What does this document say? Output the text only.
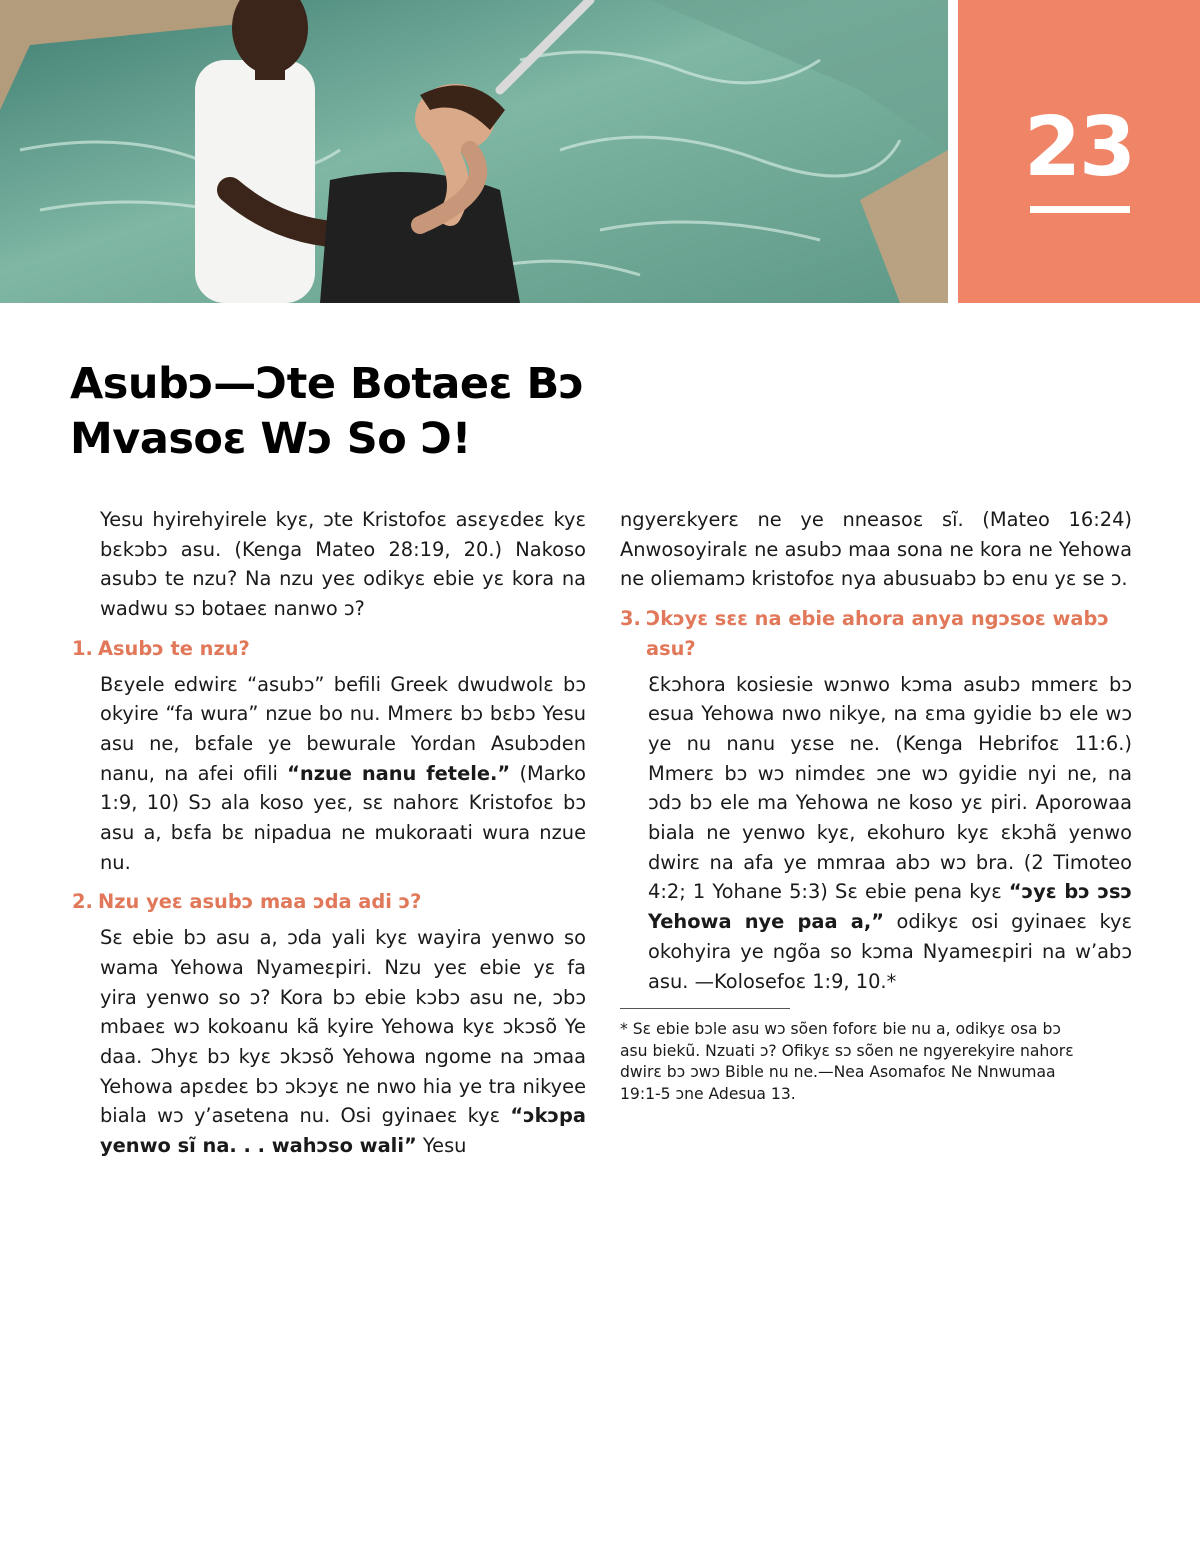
23
Asubɔ—Ɔte Botaeɛ Bɔ
Mvasoɛ Wɔ So Ɔ!

Yesu hyirehyirele kyɛ, ɔte Kristofoɛ asɛyɛdeɛ kyɛ bɛkɔbɔ asu. (Kenga Mateo 28:19, 20.) Nakoso asubɔ te nzu? Na nzu yeɛ odikyɛ ebie yɛ kora na wadwu sɔ botaeɛ nanwo ɔ?

1. Asubɔ te nzu?

Bɛyele edwirɛ “asubɔ” befili Greek dwudwolɛ bɔ okyire “fa wura” nzue bo nu. Mmerɛ bɔ bɛbɔ Yesu asu ne, bɛfale ye bewurale Yordan Asubɔden nanu, na afei ofili “nzue nanu fetele.” (Marko 1:9, 10) Sɔ ala koso yeɛ, sɛ nahorɛ Kristofoɛ bɔ asu a, bɛfa bɛ nipadua ne mukoraati wura nzue nu.

2. Nzu yeɛ asubɔ maa ɔda adi ɔ?

Sɛ ebie bɔ asu a, ɔda yali kyɛ wayira yenwo so wama Yehowa Nyameɛpiri. Nzu yeɛ ebie yɛ fa yira yenwo so ɔ? Kora bɔ ebie kɔbɔ asu ne, ɔbɔ mbaeɛ wɔ kokoanu kã kyire Yehowa kyɛ ɔkɔsõ Ye daa. Ɔhyɛ bɔ kyɛ ɔkɔsõ Yehowa ngome na ɔmaa Yehowa apɛdeɛ bɔ ɔkɔyɛ ne nwo hia ye tra nikyee biala wɔ y’asetena nu. Osi gyinaeɛ kyɛ “ɔkɔpa yenwo sĩ na. . . wahɔso wali” Yesu

ngyerɛkyerɛ ne ye nneasoɛ sĩ. (Mateo 16:24) Anwosoyiralɛ ne asubɔ maa sona ne kora ne Yehowa ne oliemamɔ kristofoɛ nya abusuabɔ bɔ enu yɛ se ɔ.

3. Ɔkɔyɛ sɛɛ na ebie ahora anya ngɔsoɛ wabɔ asu?

Ɛkɔhora kosiesie wɔnwo kɔma asubɔ mmerɛ bɔ esua Yehowa nwo nikye, na ɛma gyidie bɔ ele wɔ ye nu nanu yɛse ne. (Kenga Hebrifoɛ 11:6.) Mmerɛ bɔ wɔ nimdeɛ ɔne wɔ gyidie nyi ne, na ɔdɔ bɔ ele ma Yehowa ne koso yɛ piri. Aporowaa biala ne yenwo kyɛ, ekohuro kyɛ ɛkɔhã yenwo dwirɛ na afa ye mmraa abɔ wɔ bra. (2 Timoteo 4:2; 1 Yohane 5:3) Sɛ ebie pena kyɛ “ɔyɛ bɔ ɔsɔ Yehowa nye paa a,” odikyɛ osi gyinaeɛ kyɛ okohyira ye ngõa so kɔma Nyameɛpiri na w’abɔ asu. —Kolosefoɛ 1:9, 10.*

* Sɛ ebie bɔle asu wɔ sõen foforɛ bie nu a, odikyɛ osa bɔ asu biekũ. Nzuati ɔ? Ofikyɛ sɔ sõen ne ngyerekyire nahorɛ dwirɛ bɔ ɔwɔ Bible nu ne.—Nea Asomafoɛ Ne Nnwumaa 19:1-5 ɔne Adesua 13.
